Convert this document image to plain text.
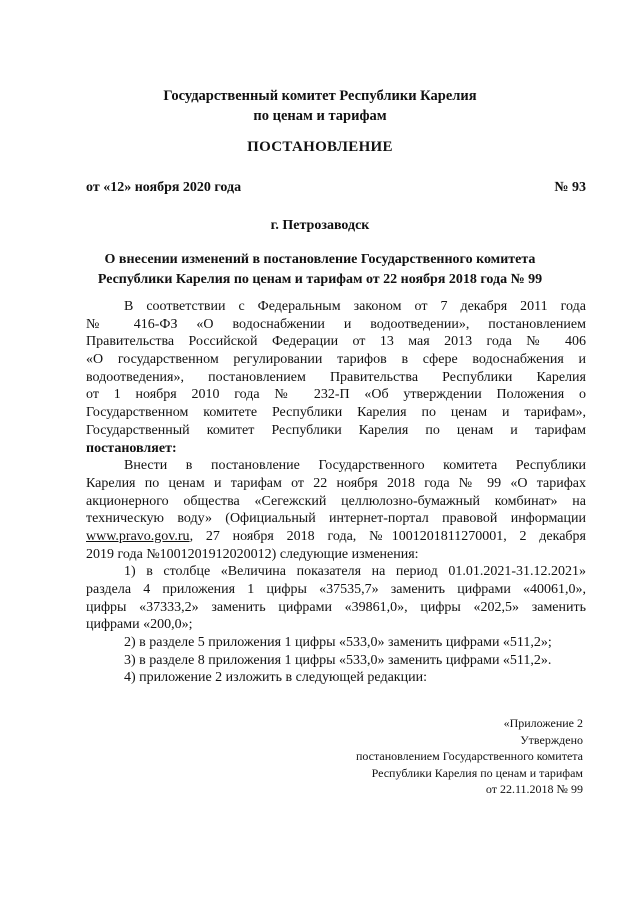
Государственный комитет Республики Карелия
по ценам и тарифам
ПОСТАНОВЛЕНИЕ
от «12» ноября 2020 года	№ 93
г. Петрозаводск
О внесении изменений в постановление Государственного комитета
Республики Карелия по ценам и тарифам от 22 ноября 2018 года № 99
В соответствии с Федеральным законом от 7 декабря 2011 года
№ 416-ФЗ «О водоснабжении и водоотведении», постановлением
Правительства Российской Федерации от 13 мая 2013 года № 406
«О государственном регулировании тарифов в сфере водоснабжения и
водоотведения», постановлением Правительства Республики Карелия
от 1 ноября 2010 года № 232-П «Об утверждении Положения о
Государственном комитете Республики Карелия по ценам и тарифам»,
Государственный комитет Республики Карелия по ценам и тарифам
постановляет:
Внести в постановление Государственного комитета Республики
Карелия по ценам и тарифам от 22 ноября 2018 года № 99 «О тарифах
акционерного общества «Сегежский целлюлозно-бумажный комбинат» на
техническую воду» (Официальный интернет-портал правовой информации
www.pravo.gov.ru, 27 ноября 2018 года, №1001201811270001, 2 декабря
2019 года №1001201912020012) следующие изменения:
1) в столбце «Величина показателя на период 01.01.2021-31.12.2021»
раздела 4 приложения 1 цифры «37535,7» заменить цифрами «40061,0»,
цифры «37333,2» заменить цифрами «39861,0», цифры «202,5» заменить
цифрами «200,0»;
2) в разделе 5 приложения 1 цифры «533,0» заменить цифрами «511,2»;
3) в разделе 8 приложения 1 цифры «533,0» заменить цифрами «511,2».
4) приложение 2 изложить в следующей редакции:
«Приложение 2
Утверждено
постановлением Государственного комитета
Республики Карелия по ценам и тарифам
от 22.11.2018 № 99
